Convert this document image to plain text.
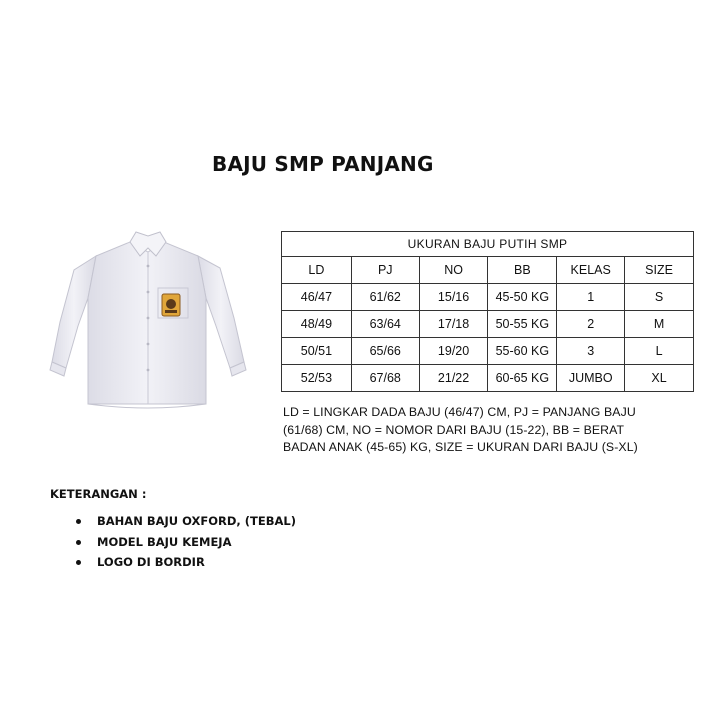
BAJU SMP PANJANG
UKURAN BAJU PUTIH SMP					
LD	PJ	NO	BB	KELAS	SIZE
46/47	61/62	15/16	45-50 KG	1	S
48/49	63/64	17/18	50-55 KG	2	M
50/51	65/66	19/20	55-60 KG	3	L
52/53	67/68	21/22	60-65 KG	JUMBO	XL
LD = LINGKAR DADA BAJU (46/47) CM, PJ = PANJANG BAJU
(61/68) CM, NO = NOMOR DARI BAJU (15-22), BB = BERAT
BADAN ANAK (45-65) KG, SIZE = UKURAN DARI BAJU (S-XL)
KETERANGAN :
BAHAN BAJU OXFORD, (TEBAL)
MODEL BAJU KEMEJA
LOGO DI BORDIR
